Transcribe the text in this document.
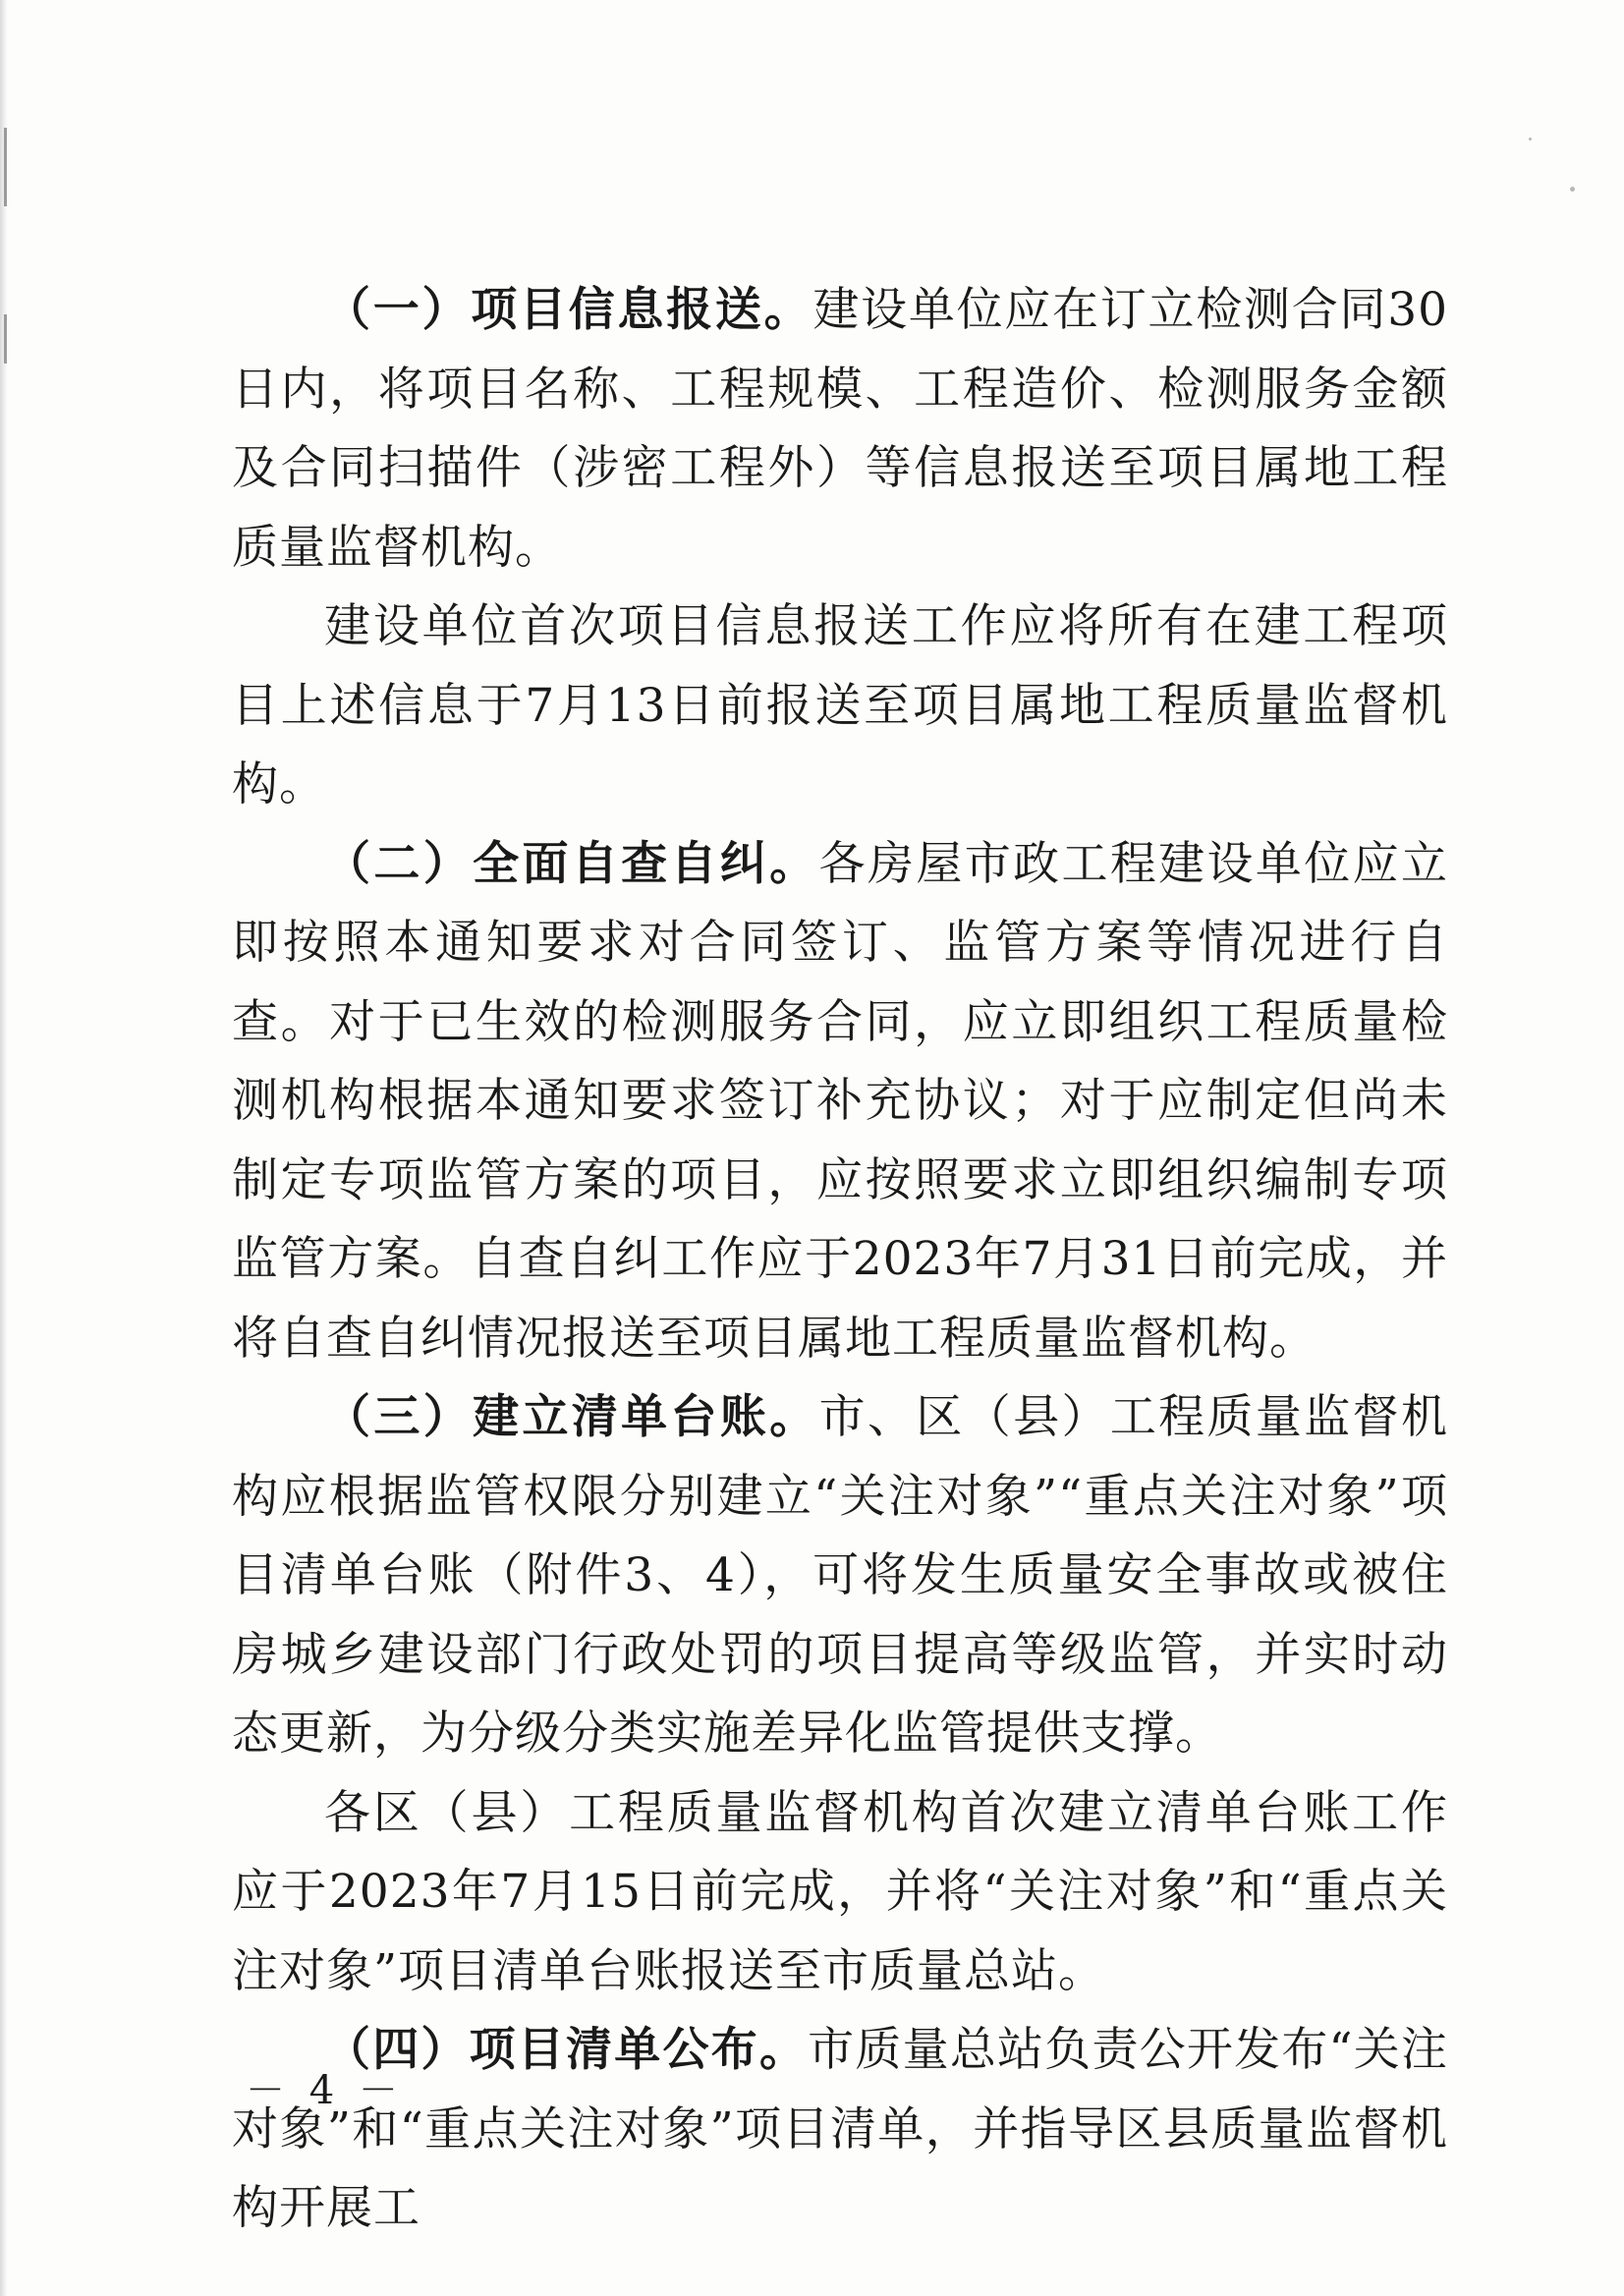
（一）项目信息报送。建设单位应在订立检测合同30日内，将项目名称、工程规模、工程造价、检测服务金额及合同扫描件（涉密工程外）等信息报送至项目属地工程质量监督机构。

建设单位首次项目信息报送工作应将所有在建工程项目上述信息于7月13日前报送至项目属地工程质量监督机构。

（二）全面自查自纠。各房屋市政工程建设单位应立即按照本通知要求对合同签订、监管方案等情况进行自查。对于已生效的检测服务合同，应立即组织工程质量检测机构根据本通知要求签订补充协议；对于应制定但尚未制定专项监管方案的项目，应按照要求立即组织编制专项监管方案。自查自纠工作应于2023年7月31日前完成，并将自查自纠情况报送至项目属地工程质量监督机构。

（三）建立清单台账。市、区（县）工程质量监督机构应根据监管权限分别建立“关注对象”“重点关注对象”项目清单台账（附件3、4），可将发生质量安全事故或被住房城乡建设部门行政处罚的项目提高等级监管，并实时动态更新，为分级分类实施差异化监管提供支撑。

各区（县）工程质量监督机构首次建立清单台账工作应于2023年7月15日前完成，并将“关注对象”和“重点关注对象”项目清单台账报送至市质量总站。

（四）项目清单公布。市质量总站负责公开发布“关注对象”和“重点关注对象”项目清单，并指导区县质量监督机构开展工

－ 4 －
